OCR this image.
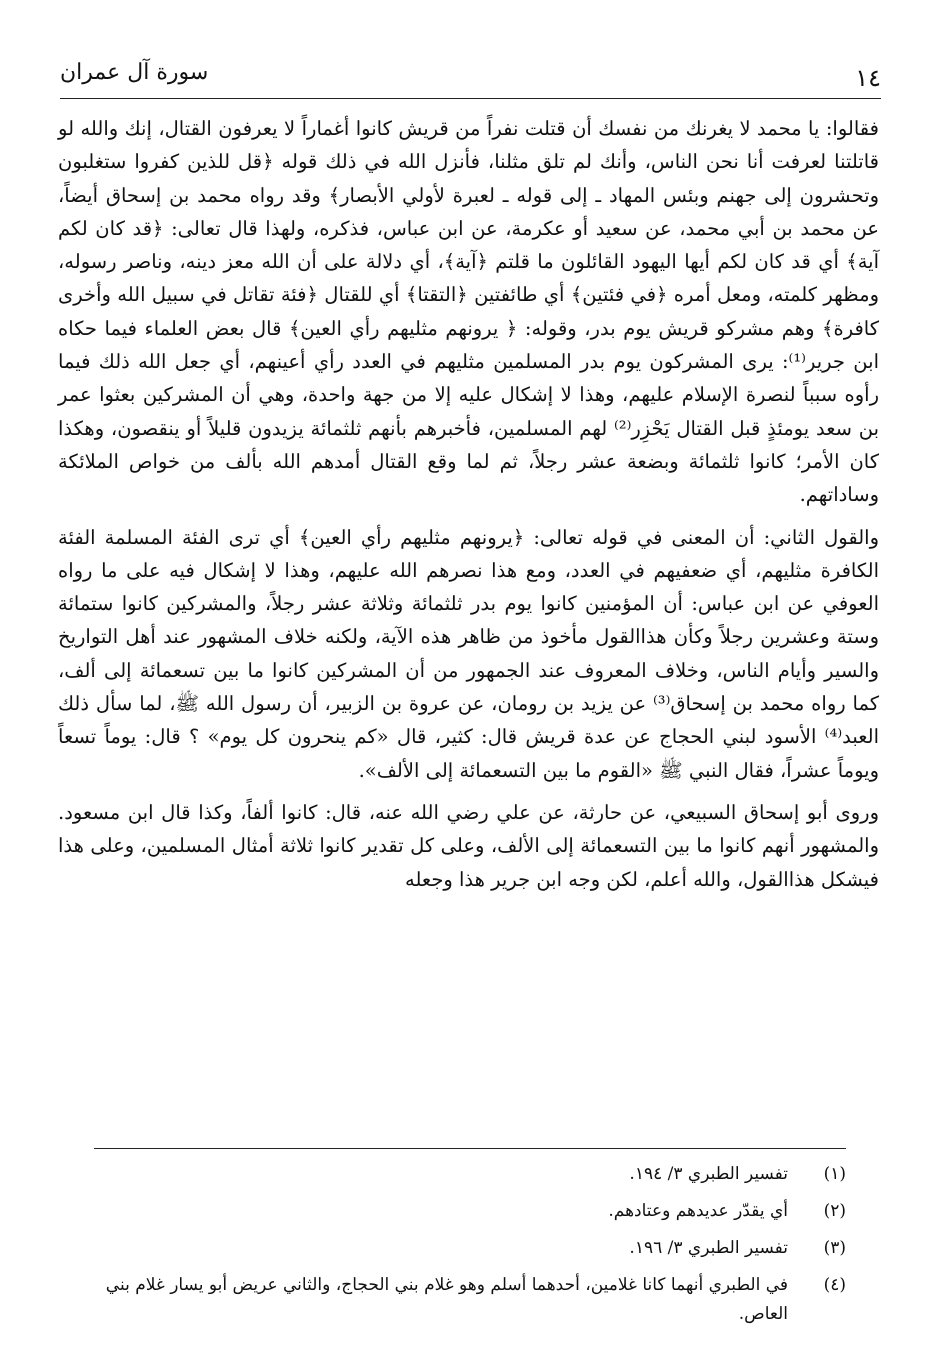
١٤
سورة آل عمران

فقالوا: يا محمد لا يغرنك من نفسك أن قتلت نفراً من قريش كانوا أغماراً لا يعرفون القتال، إنك والله لو قاتلتنا لعرفت أنا نحن الناس، وأنك لم تلق مثلنا، فأنزل الله في ذلك قوله ﴿قل للذين كفروا ستغلبون وتحشرون إلى جهنم وبئس المهاد ـ إلى قوله ـ لعبرة لأولي الأبصار﴾ وقد رواه محمد بن إسحاق أيضاً، عن محمد بن أبي محمد، عن سعيد أو عكرمة، عن ابن عباس، فذكره، ولهذا قال تعالى: ﴿قد كان لكم آية﴾ أي قد كان لكم أيها اليهود القائلون ما قلتم ﴿آية﴾، أي دلالة على أن الله معز دينه، وناصر رسوله، ومظهر كلمته، ومعل أمره ﴿في فئتين﴾ أي طائفتين ﴿التقتا﴾ أي للقتال ﴿فئة تقاتل في سبيل الله وأخرى كافرة﴾ وهم مشركو قريش يوم بدر، وقوله: ﴿ يرونهم مثليهم رأي العين﴾ قال بعض العلماء فيما حكاه ابن جرير⁽¹⁾: يرى المشركون يوم بدر المسلمين مثليهم في العدد رأي أعينهم، أي جعل الله ذلك فيما رأوه سبباً لنصرة الإسلام عليهم، وهذا لا إشكال عليه إلا من جهة واحدة، وهي أن المشركين بعثوا عمر بن سعد يومئذٍ قبل القتال يَحْزِر⁽²⁾ لهم المسلمين، فأخبرهم بأنهم ثلثمائة يزيدون قليلاً أو ينقصون، وهكذا كان الأمر؛ كانوا ثلثمائة وبضعة عشر رجلاً، ثم لما وقع القتال أمدهم الله بألف من خواص الملائكة وساداتهم.

والقول الثاني: أن المعنى في قوله تعالى: ﴿يرونهم مثليهم رأي العين﴾ أي ترى الفئة المسلمة الفئة الكافرة مثليهم، أي ضعفيهم في العدد، ومع هذا نصرهم الله عليهم، وهذا لا إشكال فيه على ما رواه العوفي عن ابن عباس: أن المؤمنين كانوا يوم بدر ثلثمائة وثلاثة عشر رجلاً، والمشركين كانوا ستمائة وستة وعشرين رجلاً وكأن هذاالقول مأخوذ من ظاهر هذه الآية، ولكنه خلاف المشهور عند أهل التواريخ والسير وأيام الناس، وخلاف المعروف عند الجمهور من أن المشركين كانوا ما بين تسعمائة إلى ألف، كما رواه محمد بن إسحاق⁽³⁾ عن يزيد بن رومان، عن عروة بن الزبير، أن رسول الله ﷺ، لما سأل ذلك العبد⁽⁴⁾ الأسود لبني الحجاج عن عدة قريش قال: كثير، قال «كم ينحرون كل يوم» ؟ قال: يوماً تسعاً ويوماً عشراً، فقال النبي ﷺ «القوم ما بين التسعمائة إلى الألف».

وروى أبو إسحاق السبيعي، عن حارثة، عن علي رضي الله عنه، قال: كانوا ألفاً، وكذا قال ابن مسعود. والمشهور أنهم كانوا ما بين التسعمائة إلى الألف، وعلى كل تقدير كانوا ثلاثة أمثال المسلمين، وعلى هذا فيشكل هذاالقول، والله أعلم، لكن وجه ابن جرير هذا وجعله

(١)
تفسير الطبري ٣/ ١٩٤.
(٢)
أي يقدّر عديدهم وعتادهم.
(٣)
تفسير الطبري ٣/ ١٩٦.
(٤)
في الطبري أنهما كانا غلامين، أحدهما أسلم وهو غلام بني الحجاج، والثاني عريض أبو يسار غلام بني العاص.
